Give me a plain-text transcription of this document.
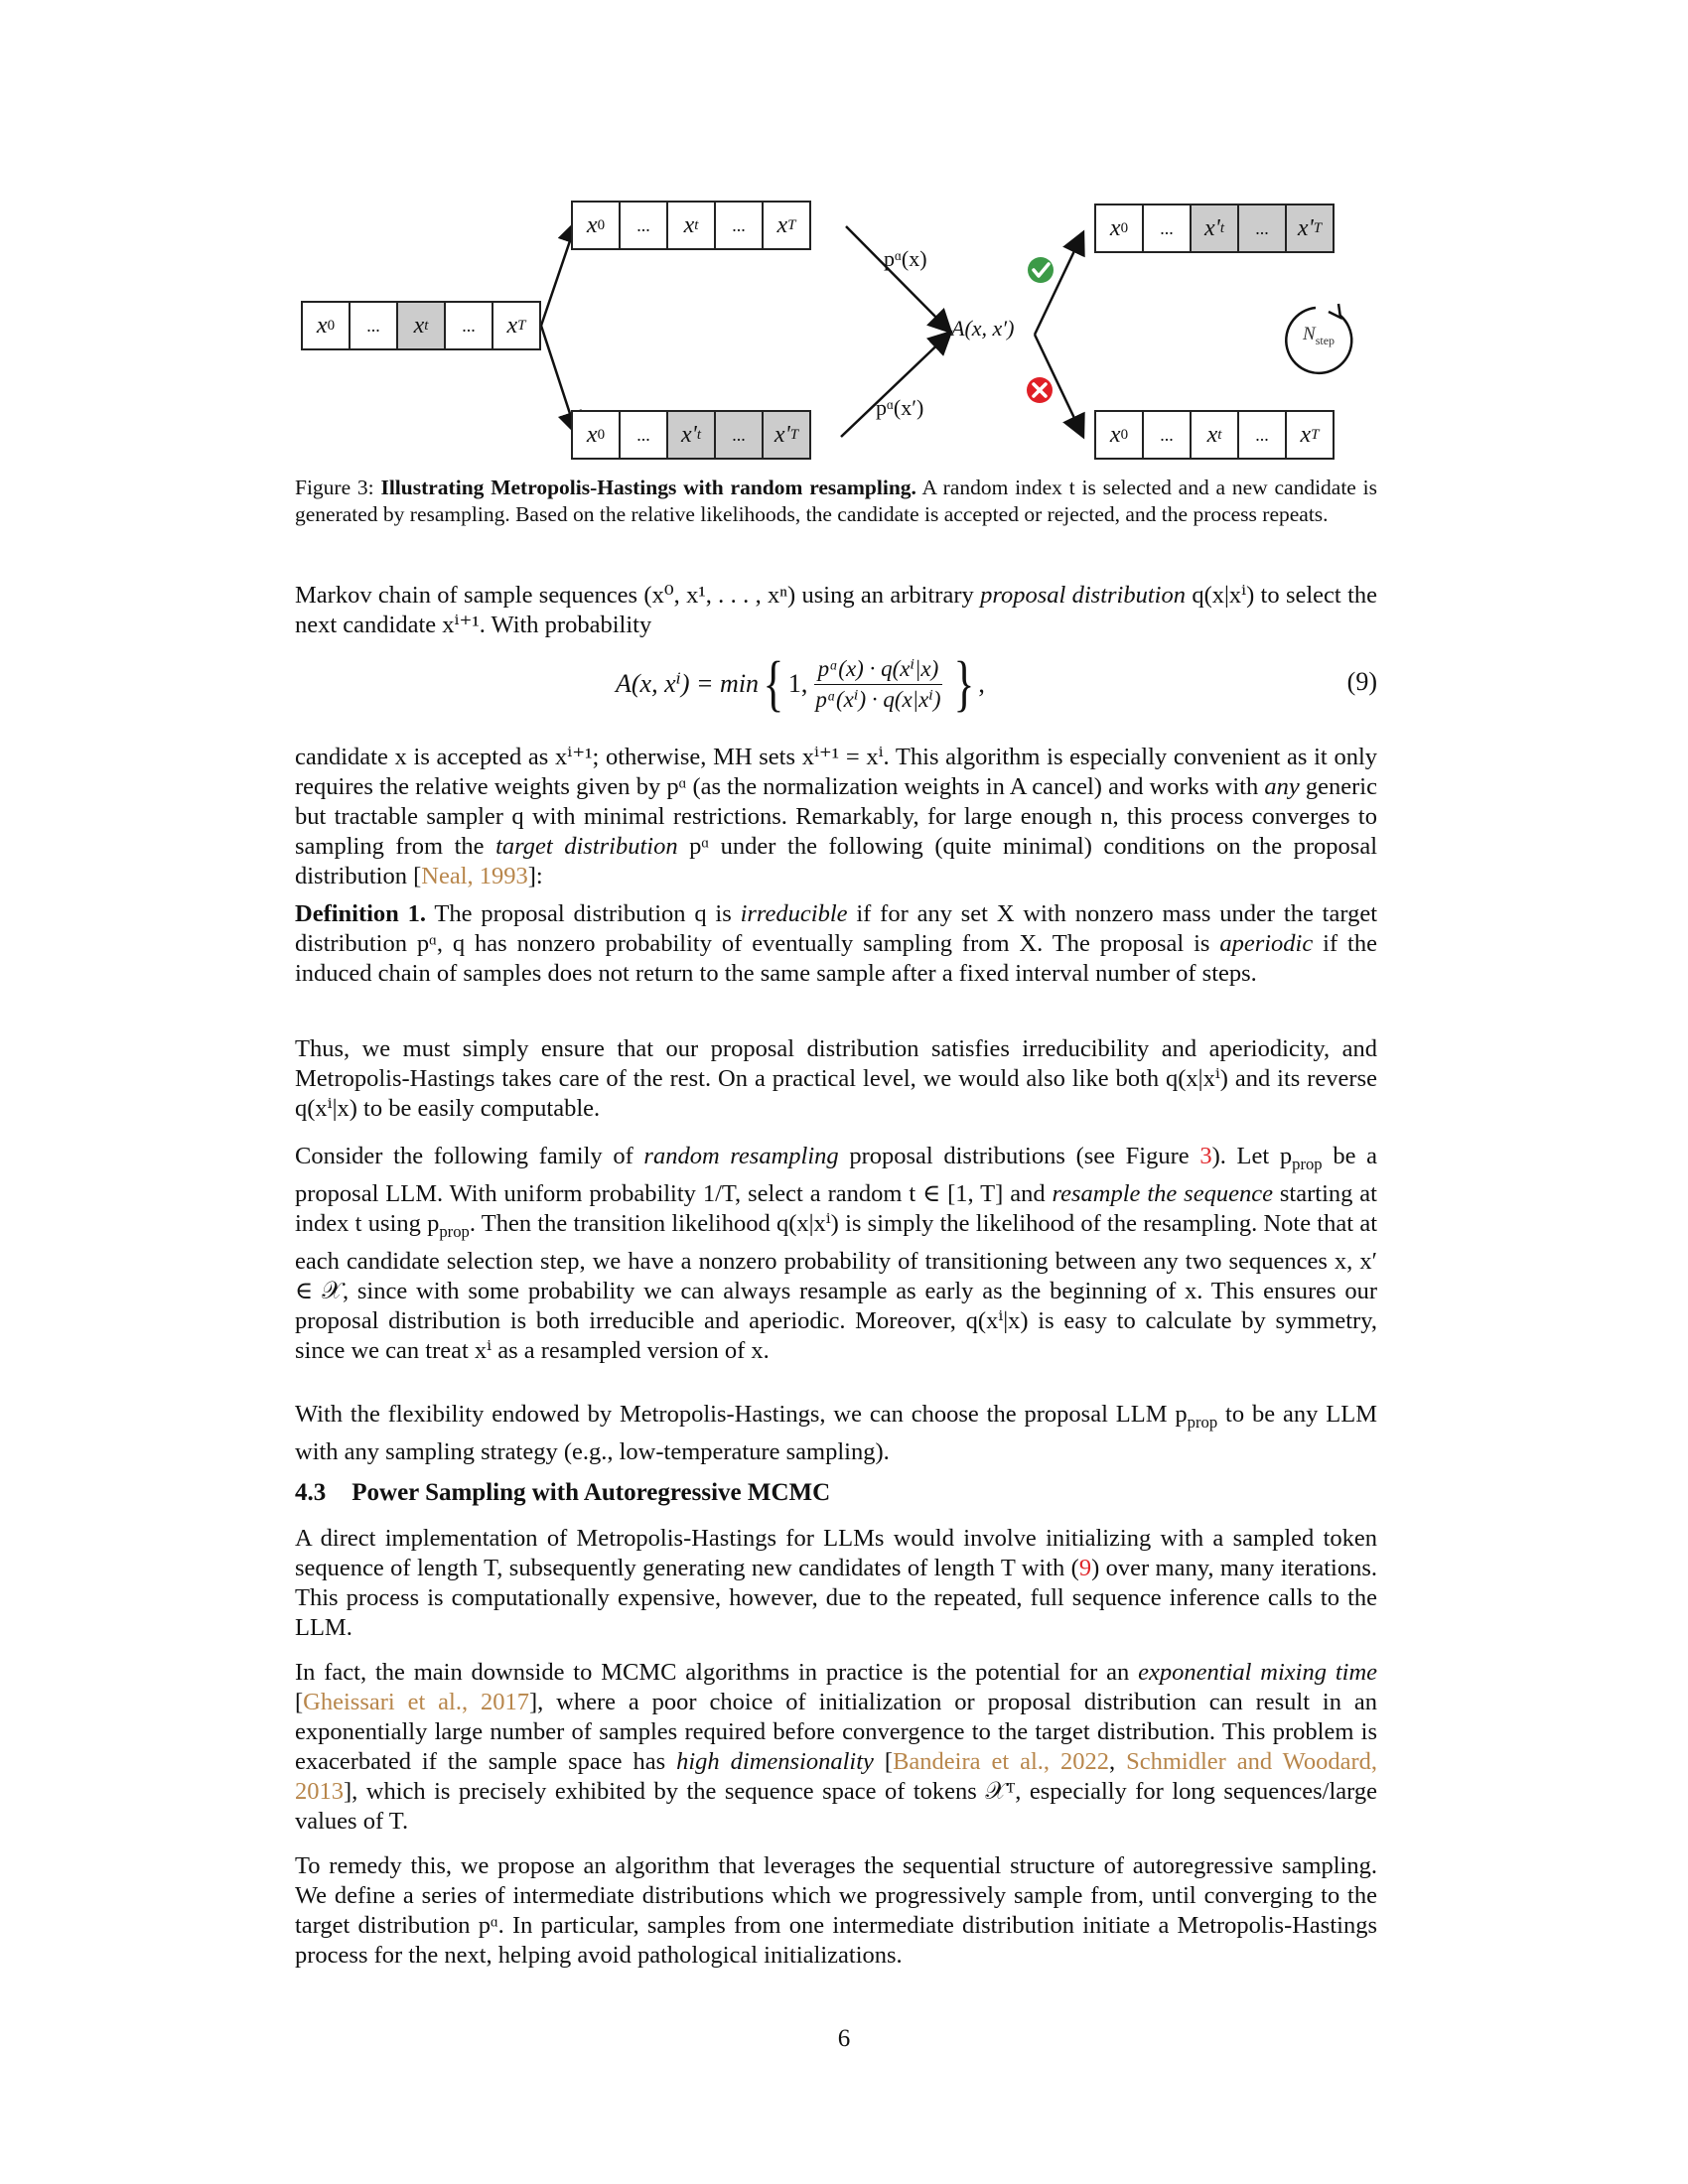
x 0	...	x t	...	x T
x 0	...	x t	...	x T
x 0	...	x' t	...	x' T
x 0	...	x' t	...	x' T
x 0	...	x t	...	x T
pᵅ(x)
pᵅ(x′)
A(x, x′)	$N_{step}$
Figure 3: Illustrating Metropolis-Hastings with random resampling. A random index t is selected and a new candidate is generated by resampling. Based on the relative likelihoods, the candidate is accepted or rejected, and the process repeats.

Markov chain of sample sequences (x⁰, x¹, . . . , xⁿ) using an arbitrary proposal distribution q(x|xⁱ) to select the next candidate xⁱ⁺¹. With probability

A(x, xⁱ) = min { 1, $\frac{\text{pᵅ(x) · q(xⁱ|x)}}{\text{pᵅ(xⁱ) · q(x|xⁱ)}}$ } ,	(9)

candidate x is accepted as xⁱ⁺¹; otherwise, MH sets xⁱ⁺¹ = xⁱ. This algorithm is especially convenient as it only requires the relative weights given by pᵅ (as the normalization weights in A cancel) and works with any generic but tractable sampler q with minimal restrictions. Remarkably, for large enough n, this process converges to sampling from the target distribution pᵅ under the following (quite minimal) conditions on the proposal distribution [Neal, 1993]:

Definition 1. The proposal distribution q is irreducible if for any set X with nonzero mass under the target distribution pᵅ, q has nonzero probability of eventually sampling from X. The proposal is aperiodic if the induced chain of samples does not return to the same sample after a fixed interval number of steps.

Thus, we must simply ensure that our proposal distribution satisfies irreducibility and aperiodicity, and Metropolis-Hastings takes care of the rest. On a practical level, we would also like both q(x|xⁱ) and its reverse q(xⁱ|x) to be easily computable.

Consider the following family of random resampling proposal distributions (see Figure 3). Let $p_{prop}$ be a proposal LLM. With uniform probability 1/T, select a random t ∈ [1, T] and resample the sequence starting at index t using $p_{prop}$. Then the transition likelihood q(x|xⁱ) is simply the likelihood of the resampling. Note that at each candidate selection step, we have a nonzero probability of transitioning between any two sequences x, x′ ∈ 𝒳, since with some probability we can always resample as early as the beginning of x. This ensures our proposal distribution is both irreducible and aperiodic. Moreover, q(xⁱ|x) is easy to calculate by symmetry, since we can treat xⁱ as a resampled version of x.

With the flexibility endowed by Metropolis-Hastings, we can choose the proposal LLM $p_{prop}$ to be any LLM with any sampling strategy (e.g., low-temperature sampling).

4.3 Power Sampling with Autoregressive MCMC

A direct implementation of Metropolis-Hastings for LLMs would involve initializing with a sampled token sequence of length T, subsequently generating new candidates of length T with (9) over many, many iterations. This process is computationally expensive, however, due to the repeated, full sequence inference calls to the LLM.

In fact, the main downside to MCMC algorithms in practice is the potential for an exponential mixing time [Gheissari et al., 2017], where a poor choice of initialization or proposal distribution can result in an exponentially large number of samples required before convergence to the target distribution. This problem is exacerbated if the sample space has high dimensionality [Bandeira et al., 2022, Schmidler and Woodard, 2013], which is precisely exhibited by the sequence space of tokens 𝒳ᵀ, especially for long sequences/large values of T.

To remedy this, we propose an algorithm that leverages the sequential structure of autoregressive sampling. We define a series of intermediate distributions which we progressively sample from, until converging to the target distribution pᵅ. In particular, samples from one intermediate distribution initiate a Metropolis-Hastings process for the next, helping avoid pathological initializations.

6
